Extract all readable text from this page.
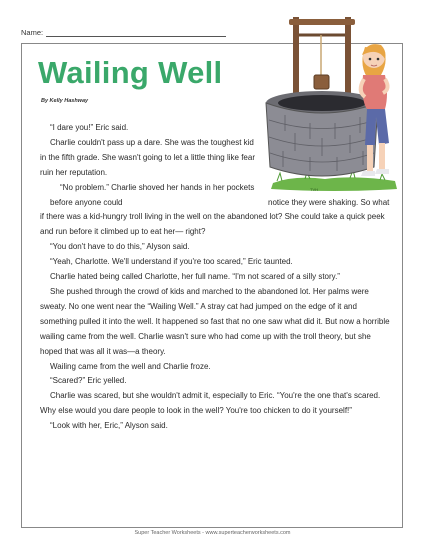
Name:
Wailing Well
By Kelly Hashway
TVH

“I dare you!” Eric said.

Charlie couldn't pass up a dare. She was the toughest kid in the fifth grade. She wasn't going to let a little thing like fear ruin her reputation.

“No problem.” Charlie shoved her hands in her pockets before anyone could	notice they were shaking. So what if there was a kid-hungry troll living in the well on the abandoned lot? She could take a quick peek and run before it climbed up to eat her— right?

“You don't have to do this,” Alyson said.

“Yeah, Charlotte. We'll understand if you're too scared,” Eric taunted.

Charlie hated being called Charlotte, her full name. “I'm not scared of a silly story.”

She pushed through the crowd of kids and marched to the abandoned lot. Her palms were sweaty. No one went near the “Wailing Well.” A stray cat had jumped on the edge of it and something pulled it into the well. It happened so fast that no one saw what did it. But now a horrible wailing came from the well. Charlie wasn't sure who had come up with the troll theory, but she hoped that was all it was—a theory.

Wailing came from the well and Charlie froze.

“Scared?” Eric yelled.

Charlie was scared, but she wouldn't admit it, especially to Eric. “You're the one that's scared. Why else would you dare people to look in the well? You're too chicken to do it yourself!”

“Look with her, Eric,” Alyson said.

Super Teacher Worksheets - www.superteacherworksheets.com
